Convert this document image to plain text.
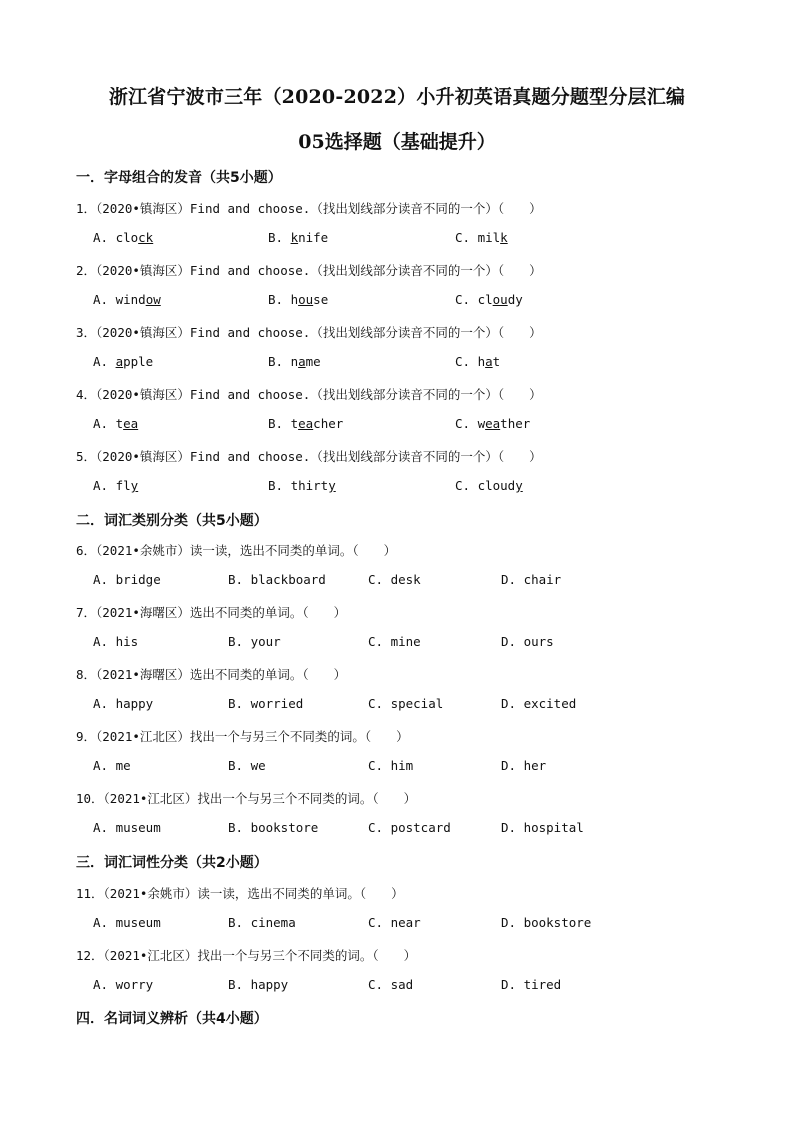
浙江省宁波市三年（2020-2022）小升初英语真题分题型分层汇编
05选择题（基础提升）
一．字母组合的发音（共5小题）
二．词汇类别分类（共5小题）
三．词汇词性分类（共2小题）
四．名词词义辨析（共4小题）
1．（2020•镇海区）Find and choose.（找出划线部分读音不同的一个）（　　）
A. clock	B. knife	C. milk
2．（2020•镇海区）Find and choose.（找出划线部分读音不同的一个）（　　）
A. window	B. house	C. cloudy
3．（2020•镇海区）Find and choose.（找出划线部分读音不同的一个）（　　）
A. apple	B. name	C. hat
4．（2020•镇海区）Find and choose.（找出划线部分读音不同的一个）（　　）
A. tea	B. teacher	C. weather
5．（2020•镇海区）Find and choose.（找出划线部分读音不同的一个）（　　）
A. fly	B. thirty	C. cloudy
6．（2021•余姚市）读一读，选出不同类的单词。（　　）
A. bridge	B. blackboard	C. desk	D. chair
7．（2021•海曙区）选出不同类的单词。（　　）
A. his	B. your	C. mine	D. ours
8．（2021•海曙区）选出不同类的单词。（　　）
A. happy	B. worried	C. special	D. excited
9．（2021•江北区）找出一个与另三个不同类的词。（　　）
A. me	B. we	C. him	D. her
10．（2021•江北区）找出一个与另三个不同类的词。（　　）
A. museum	B. bookstore	C. postcard	D. hospital
11．（2021•余姚市）读一读，选出不同类的单词。（　　）
A. museum	B. cinema	C. near	D. bookstore
12．（2021•江北区）找出一个与另三个不同类的词。（　　）
A. worry	B. happy	C. sad	D. tired
